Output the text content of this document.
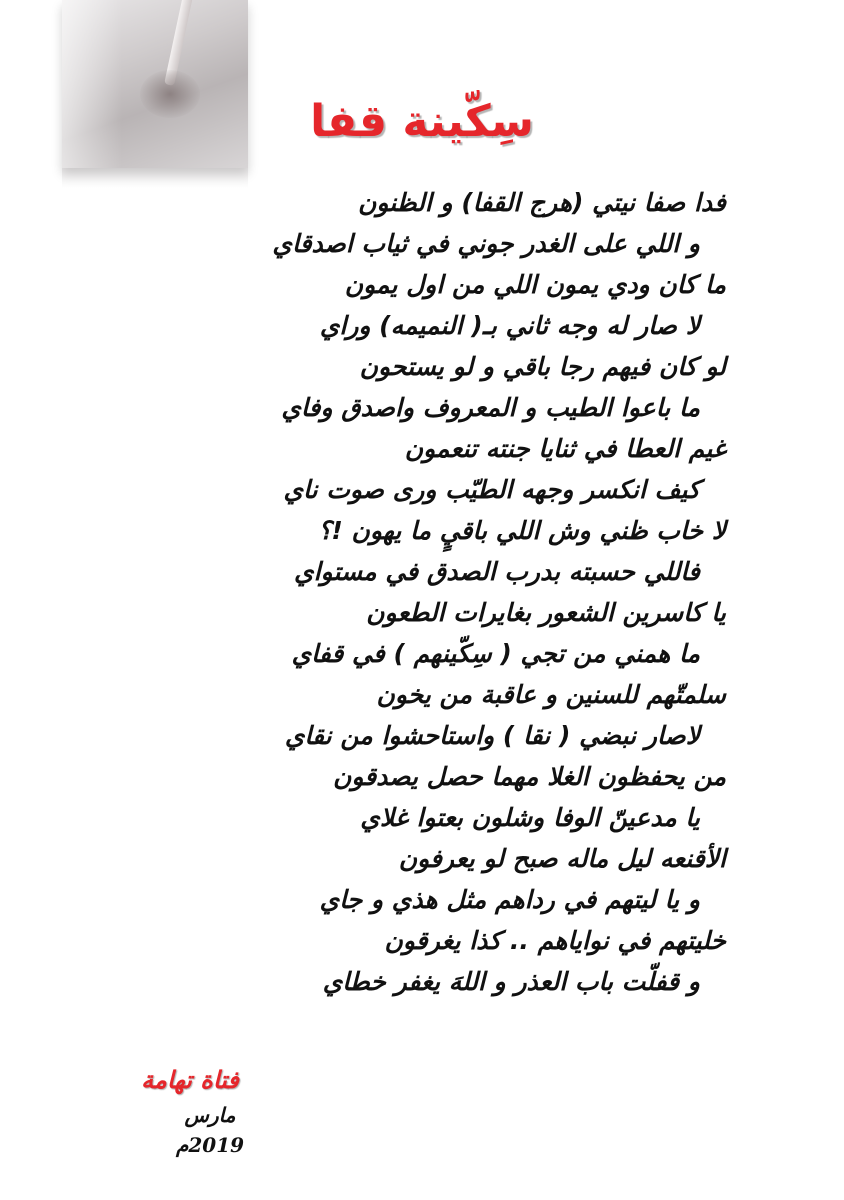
سِكّينة قفا
فدا صفا نيتي (هرج القفا) و الظنون
و اللي على الغدر جوني في ثياب اصدقاي
ما كان ودي يمون اللي من اول يمون
لا صار له وجه ثاني بـ( النميمه) وراي
لو كان فيهم رجا باقي و لو يستحون
ما باعوا الطيب و المعروف واصدق وفاي
غيم العطا في ثنايا جنته تنعمون
كيف انكسر وجهه الطيّب ورى صوت ناي
لا خاب ظني وش اللي باقيٍ ما يهون !؟
فاللي حسبته بدرب الصدق في مستواي
يا كاسرين الشعور بغايرات الطعون
ما همني من تجي ( سِكّينهم ) في قفاي
سلمتّهم للسنين و عاقبة من يخون
لاصار نبضي ( نقا ) واستاحشوا من نقاي
من يحفظون الغلا مهما حصل يصدقون
يا مدعينّ الوفا وشلون بعتوا غلاي
الأقنعه ليل ماله صبح لو يعرفون
و يا ليتهم في رداهم مثل هذي و جاي
خليتهم في نواياهم .. كذا يغرقون
و قفلّت باب العذر و اللهَ يغفر خطاي
فتاة تهامة
مارس 2019م
